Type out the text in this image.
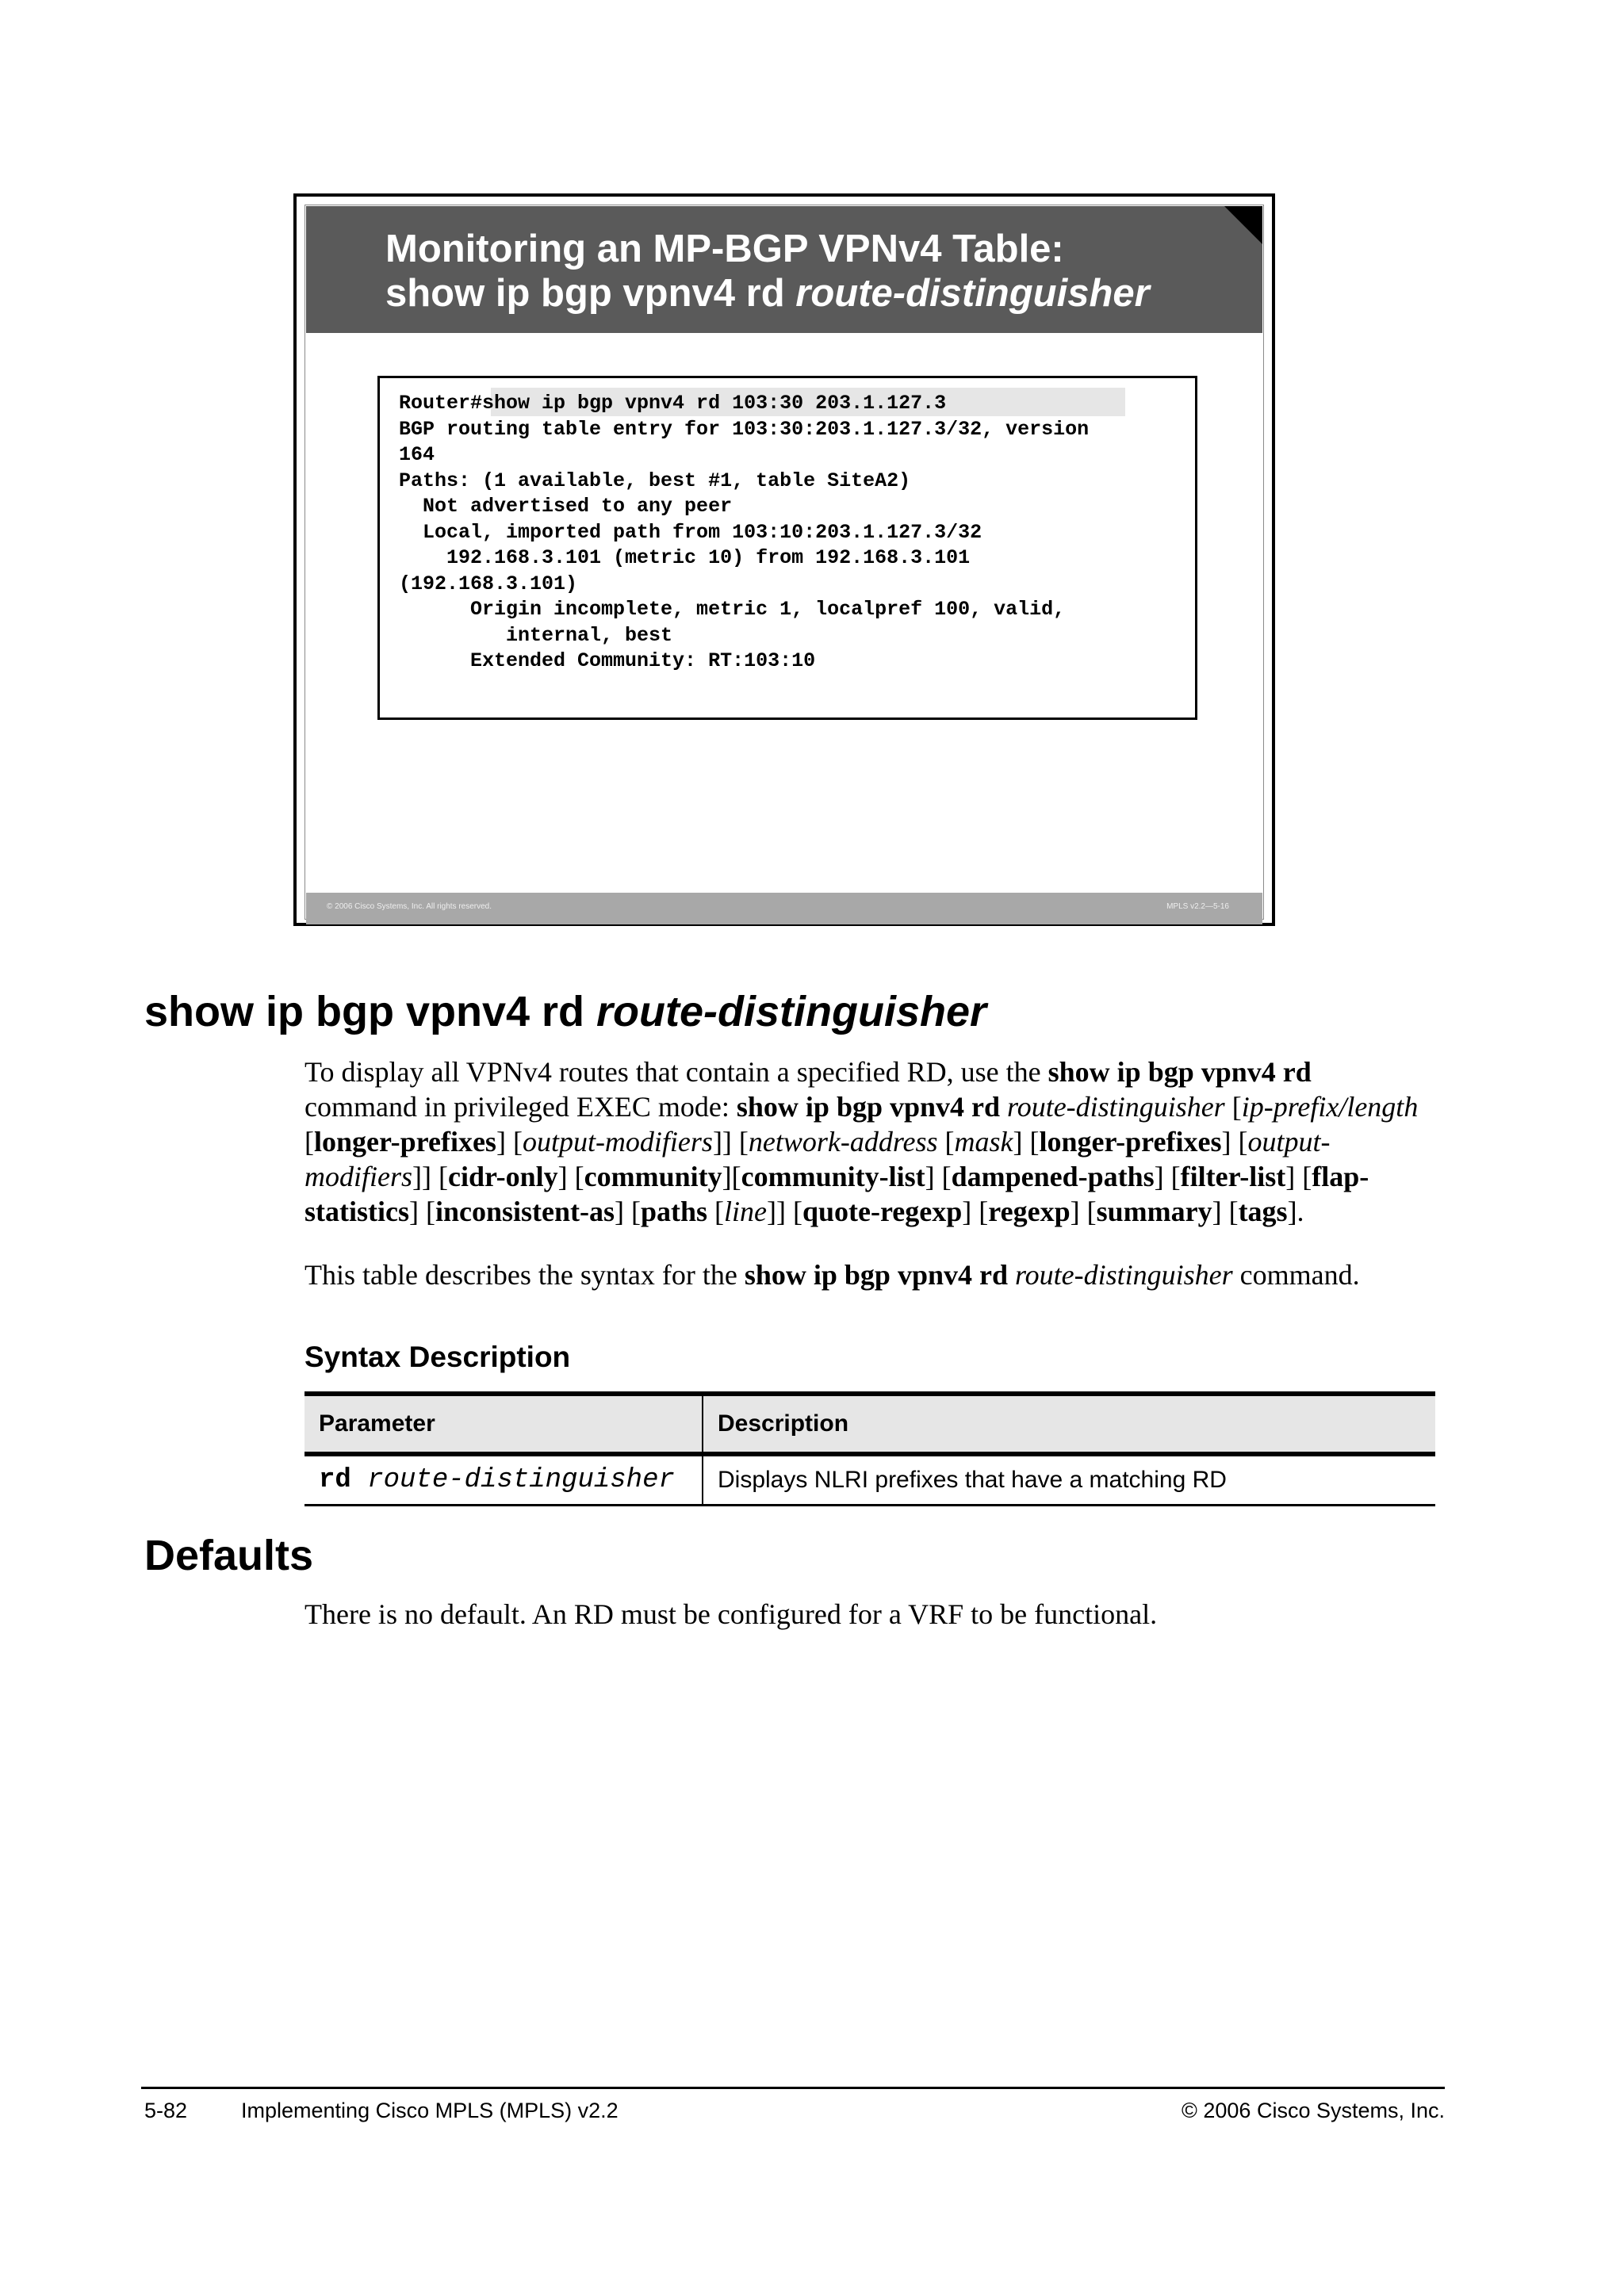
Monitoring an MP-BGP VPNv4 Table:
show ip bgp vpnv4 rd route-distinguisher
Router#show ip bgp vpnv4 rd 103:30 203.1.127.3
BGP routing table entry for 103:30:203.1.127.3/32, version
164
Paths: (1 available, best #1, table SiteA2)
Not advertised to any peer
Local, imported path from 103:10:203.1.127.3/32
192.168.3.101 (metric 10) from 192.168.3.101
(192.168.3.101)
Origin incomplete, metric 1, localpref 100, valid,
internal, best
Extended Community: RT:103:10
© 2006 Cisco Systems, Inc. All rights reserved.	MPLS v2.2—5-16
show ip bgp vpnv4 rd route-distinguisher

To display all VPNv4 routes that contain a specified RD, use the show ip bgp vpnv4 rd command in privileged EXEC mode: show ip bgp vpnv4 rd route-distinguisher [ip-prefix/length [longer-prefixes] [output-modifiers]] [network-address [mask] [longer-prefixes] [output-modifiers]] [cidr-only] [community][community-list] [dampened-paths] [filter-list] [flap-statistics] [inconsistent-as] [paths [line]] [quote-regexp] [regexp] [summary] [tags].

This table describes the syntax for the show ip bgp vpnv4 rd route-distinguisher command.

Syntax Description
Parameter	Description
rd route-distinguisher	Displays NLRI prefixes that have a matching RD
Defaults

There is no default. An RD must be configured for a VRF to be functional.

5-82	Implementing Cisco MPLS (MPLS) v2.2	© 2006 Cisco Systems, Inc.
